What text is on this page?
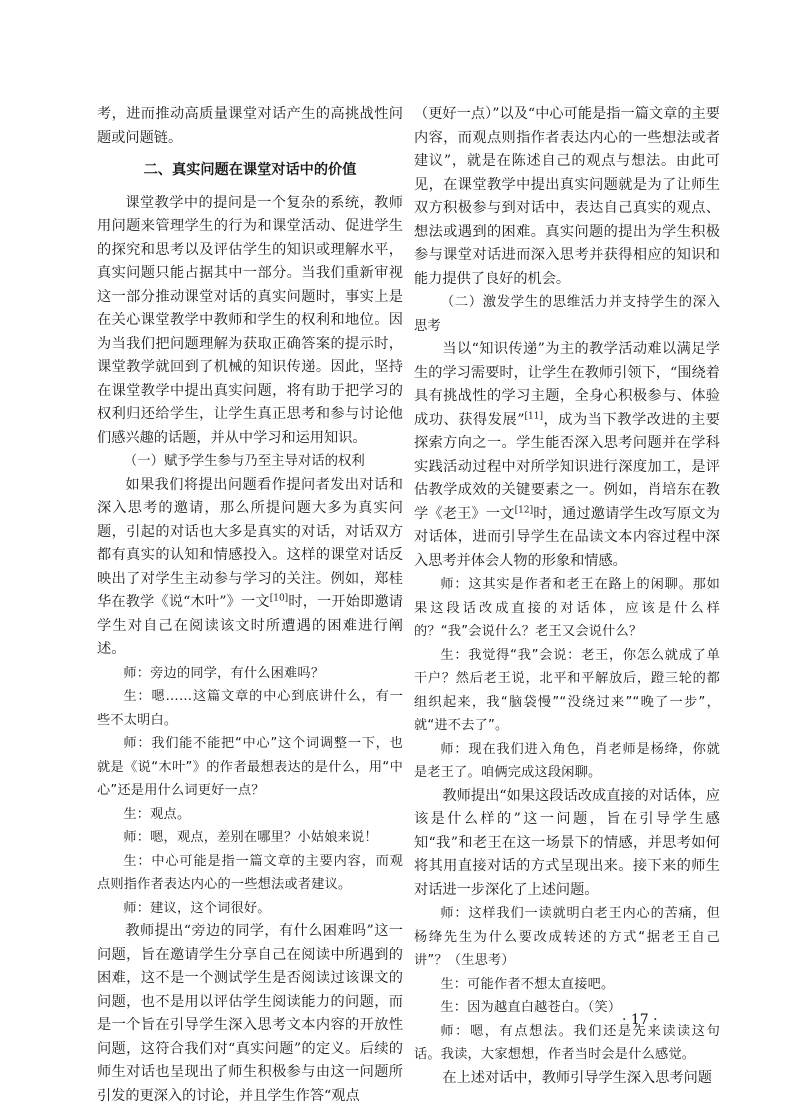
考，进而推动高质量课堂对话产生的高挑战性问题或问题链。

二、真实问题在课堂对话中的价值

课堂教学中的提问是一个复杂的系统，教师用问题来管理学生的行为和课堂活动、促进学生的探究和思考以及评估学生的知识或理解水平，真实问题只能占据其中一部分。当我们重新审视这一部分推动课堂对话的真实问题时，事实上是在关心课堂教学中教师和学生的权利和地位。因为当我们把问题理解为获取正确答案的提示时，课堂教学就回到了机械的知识传递。因此，坚持在课堂教学中提出真实问题，将有助于把学习的权利归还给学生，让学生真正思考和参与讨论他们感兴趣的话题，并从中学习和运用知识。

（一）赋予学生参与乃至主导对话的权利

如果我们将提出问题看作提问者发出对话和深入思考的邀请，那么所提问题大多为真实问题，引起的对话也大多是真实的对话，对话双方都有真实的认知和情感投入。这样的课堂对话反映出了对学生主动参与学习的关注。例如，郑桂华在教学《说“木叶”》一文[10]时，一开始即邀请学生对自己在阅读该文时所遭遇的困难进行阐述。

师：旁边的同学，有什么困难吗？

生：嗯……这篇文章的中心到底讲什么，有一些不太明白。

师：我们能不能把“中心”这个词调整一下，也就是《说“木叶”》的作者最想表达的是什么，用“中心”还是用什么词更好一点？

生：观点。

师：嗯，观点，差别在哪里？小姑娘来说！

生：中心可能是指一篇文章的主要内容，而观点则指作者表达内心的一些想法或者建议。

师：建议，这个词很好。

教师提出“旁边的同学，有什么困难吗”这一问题，旨在邀请学生分享自己在阅读中所遇到的困难，这不是一个测试学生是否阅读过该课文的问题，也不是用以评估学生阅读能力的问题，而是一个旨在引导学生深入思考文本内容的开放性问题，这符合我们对“真实问题”的定义。后续的师生对话也呈现出了师生积极参与由这一问题所引发的更深入的讨论，并且学生作答“观点

（更好一点）”以及“中心可能是指一篇文章的主要内容，而观点则指作者表达内心的一些想法或者建议”，就是在陈述自己的观点与想法。由此可见，在课堂教学中提出真实问题就是为了让师生双方积极参与到对话中，表达自己真实的观点、想法或遇到的困难。真实问题的提出为学生积极参与课堂对话进而深入思考并获得相应的知识和能力提供了良好的机会。

（二）激发学生的思维活力并支持学生的深入思考

当以“知识传递”为主的教学活动难以满足学生的学习需要时，让学生在教师引领下，“围绕着具有挑战性的学习主题，全身心积极参与、体验成功、获得发展”[11]，成为当下教学改进的主要探索方向之一。学生能否深入思考问题并在学科实践活动过程中对所学知识进行深度加工，是评估教学成效的关键要素之一。例如，肖培东在教学《老王》一文[12]时，通过邀请学生改写原文为对话体，进而引导学生在品读文本内容过程中深入思考并体会人物的形象和情感。

师：这其实是作者和老王在路上的闲聊。那如果这段话改成直接的对话体，应该是什么样的？“我”会说什么？老王又会说什么？

生：我觉得“我”会说：老王，你怎么就成了单干户？然后老王说，北平和平解放后，蹬三轮的都组织起来，我“脑袋慢”“没绕过来”“晚了一步”，就“进不去了”。

师：现在我们进入角色，肖老师是杨绛，你就是老王了。咱俩完成这段闲聊。

教师提出“如果这段话改成直接的对话体，应该是什么样的”这一问题，旨在引导学生感知“我”和老王在这一场景下的情感，并思考如何将其用直接对话的方式呈现出来。接下来的师生对话进一步深化了上述问题。

师：这样我们一读就明白老王内心的苦痛，但杨绛先生为什么要改成转述的方式“据老王自己讲”？（生思考）

生：可能作者不想太直接吧。

生：因为越直白越苍白。（笑）

师：嗯，有点想法。我们还是先来读读这句话。我读，大家想想，作者当时会是什么感觉。

在上述对话中，教师引导学生深入思考问题

· 17 ·
